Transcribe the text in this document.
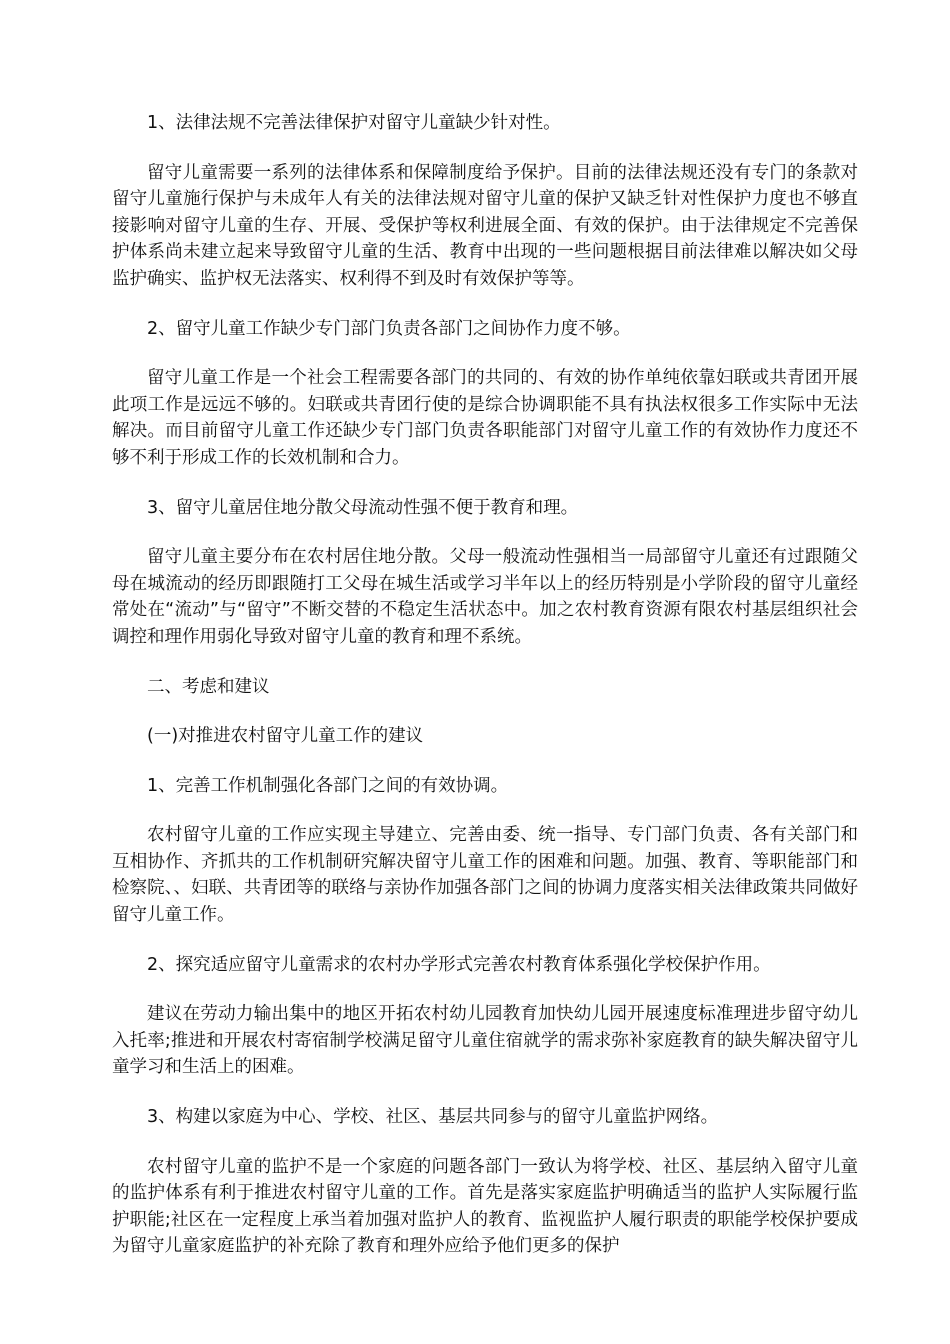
1、法律法规不完善法律保护对留守儿童缺少针对性。

留守儿童需要一系列的法律体系和保障制度给予保护。目前的法律法规还没有专门的条款对留守儿童施行保护与未成年人有关的法律法规对留守儿童的保护又缺乏针对性保护力度也不够直接影响对留守儿童的生存、开展、受保护等权利进展全面、有效的保护。由于法律规定不完善保护体系尚未建立起来导致留守儿童的生活、教育中出现的一些问题根据目前法律难以解决如父母监护确实、监护权无法落实、权利得不到及时有效保护等等。

2、留守儿童工作缺少专门部门负责各部门之间协作力度不够。

留守儿童工作是一个社会工程需要各部门的共同的、有效的协作单纯依靠妇联或共青团开展此项工作是远远不够的。妇联或共青团行使的是综合协调职能不具有执法权很多工作实际中无法解决。而目前留守儿童工作还缺少专门部门负责各职能部门对留守儿童工作的有效协作力度还不够不利于形成工作的长效机制和合力。

3、留守儿童居住地分散父母流动性强不便于教育和理。

留守儿童主要分布在农村居住地分散。父母一般流动性强相当一局部留守儿童还有过跟随父母在城流动的经历即跟随打工父母在城生活或学习半年以上的经历特别是小学阶段的留守儿童经常处在“流动”与“留守”不断交替的不稳定生活状态中。加之农村教育资源有限农村基层组织社会调控和理作用弱化导致对留守儿童的教育和理不系统。

二、考虑和建议

(一)对推进农村留守儿童工作的建议

1、完善工作机制强化各部门之间的有效协调。

农村留守儿童的工作应实现主导建立、完善由委、统一指导、专门部门负责、各有关部门和互相协作、齐抓共的工作机制研究解决留守儿童工作的困难和问题。加强、教育、等职能部门和检察院、、妇联、共青团等的联络与亲协作加强各部门之间的协调力度落实相关法律政策共同做好留守儿童工作。

2、探究适应留守儿童需求的农村办学形式完善农村教育体系强化学校保护作用。

建议在劳动力输出集中的地区开拓农村幼儿园教育加快幼儿园开展速度标准理进步留守幼儿入托率;推进和开展农村寄宿制学校满足留守儿童住宿就学的需求弥补家庭教育的缺失解决留守儿童学习和生活上的困难。

3、构建以家庭为中心、学校、社区、基层共同参与的留守儿童监护网络。

农村留守儿童的监护不是一个家庭的问题各部门一致认为将学校、社区、基层纳入留守儿童的监护体系有利于推进农村留守儿童的工作。首先是落实家庭监护明确适当的监护人实际履行监护职能;社区在一定程度上承当着加强对监护人的教育、监视监护人履行职责的职能学校保护要成为留守儿童家庭监护的补充除了教育和理外应给予他们更多的保护
